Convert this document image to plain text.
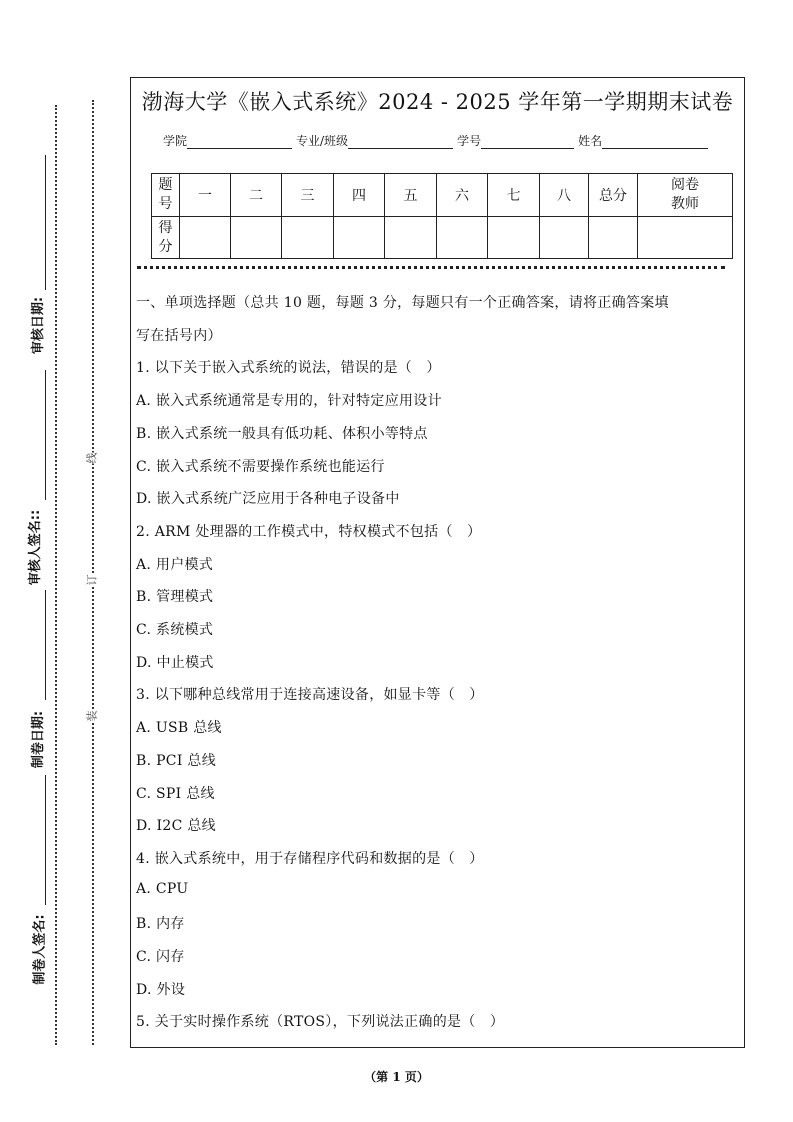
审核日期:
审核人签名::
制卷日期:
制卷人签名:
线
订
装
渤海大学《嵌入式系统》2024 - 2025 学年第一学期期末试卷
学院	专业/班级	学号	姓名
题号	一	二	三	四	五	六	七	八	总分	阅卷教师
得分										
一、单项选择题（总共 10 题，每题 3 分，每题只有一个正确答案，请将正确答案填
写在括号内）
1. 以下关于嵌入式系统的说法，错误的是（　）
A. 嵌入式系统通常是专用的，针对特定应用设计
B. 嵌入式系统一般具有低功耗、体积小等特点
C. 嵌入式系统不需要操作系统也能运行
D. 嵌入式系统广泛应用于各种电子设备中
2. ARM 处理器的工作模式中，特权模式不包括（　）
A. 用户模式
B. 管理模式
C. 系统模式
D. 中止模式
3. 以下哪种总线常用于连接高速设备，如显卡等（　）
A. USB 总线
B. PCI 总线
C. SPI 总线
D. I2C 总线
4. 嵌入式系统中，用于存储程序代码和数据的是（　）
A. CPU
B. 内存
C. 闪存
D. 外设
5. 关于实时操作系统（RTOS），下列说法正确的是（　）
（第 1 页）
